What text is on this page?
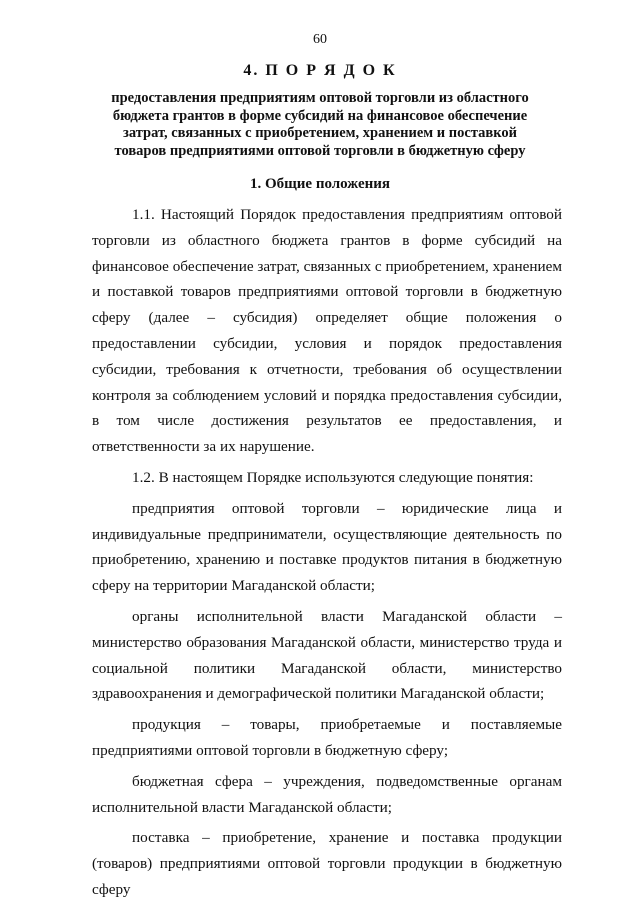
60
4. П О Р Я Д О К
предоставления предприятиям оптовой торговли из областного бюджета грантов в форме субсидий на финансовое обеспечение затрат, связанных с приобретением, хранением и поставкой товаров предприятиями оптовой торговли в бюджетную сферу
1. Общие положения

1.1. Настоящий Порядок предоставления предприятиям оптовой торговли из областного бюджета грантов в форме субсидий на финансовое обеспечение затрат, связанных с приобретением, хранением и поставкой товаров предприятиями оптовой торговли в бюджетную сферу (далее – субсидия) определяет общие положения о предоставлении субсидии, условия и порядок предоставления субсидии, требования к отчетности, требования об осуществлении контроля за соблюдением условий и порядка предоставления субсидии, в том числе достижения результатов ее предоставления, и ответственности за их нарушение.

1.2. В настоящем Порядке используются следующие понятия:

предприятия оптовой торговли – юридические лица и индивидуальные предприниматели, осуществляющие деятельность по приобретению, хранению и поставке продуктов питания в бюджетную сферу на территории Магаданской области;

органы исполнительной власти Магаданской области – министерство образования Магаданской области, министерство труда и социальной политики Магаданской области, министерство здравоохранения и демографической политики Магаданской области;

продукция – товары, приобретаемые и поставляемые предприятиями оптовой торговли в бюджетную сферу;

бюджетная сфера – учреждения, подведомственные органам исполнительной власти Магаданской области;

поставка – приобретение, хранение и поставка продукции (товаров) предприятиями оптовой торговли продукции в бюджетную сферу
